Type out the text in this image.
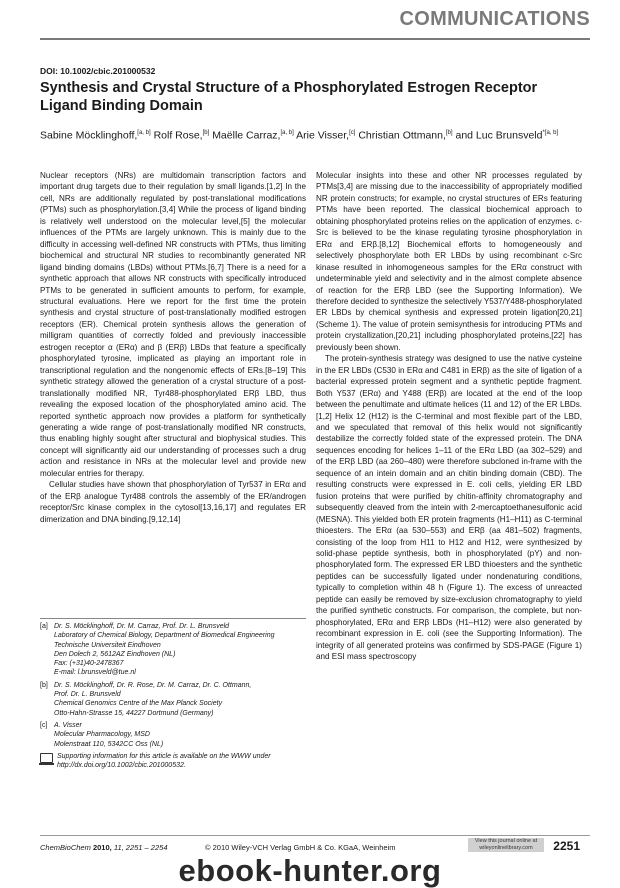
COMMUNICATIONS
DOI: 10.1002/cbic.201000532
Synthesis and Crystal Structure of a Phosphorylated Estrogen Receptor Ligand Binding Domain
Sabine Möcklinghoff,[a, b] Rolf Rose,[b] Maëlle Carraz,[a, b] Arie Visser,[c] Christian Ottmann,[b] and Luc Brunsveld$^{*[a, b]}$

Nuclear receptors (NRs) are multidomain transcription factors and important drug targets due to their regulation by small ligands.[1,2] In the cell, NRs are additionally regulated by post-translational modifications (PTMs) such as phosphorylation.[3,4] While the process of ligand binding is relatively well understood on the molecular level,[5] the molecular influences of the PTMs are largely unknown. This is mainly due to the difficulty in accessing well-defined NR constructs with PTMs, thus limiting biochemical and structural NR studies to recombinantly generated NR ligand binding domains (LBDs) without PTMs.[6,7] There is a need for a synthetic approach that allows NR constructs with specifically introduced PTMs to be generated in sufficient amounts to perform, for example, structural evaluations. Here we report for the first time the protein synthesis and crystal structure of post-translationally modified estrogen receptors (ER). Chemical protein synthesis allows the generation of milligram quantities of correctly folded and previously inaccessible estrogen receptor α (ERα) and β (ERβ) LBDs that feature a specifically phosphorylated tyrosine, implicated as playing an important role in transcriptional regulation and the nongenomic effects of ERs.[8–19] This synthetic strategy allowed the generation of a crystal structure of a post-translationally modified NR, Tyr488-phosphorylated ERβ LBD, thus revealing the exposed location of the phosphorylated amino acid. The reported synthetic approach now provides a platform for synthetically generating a wide range of post-translationally modified NR constructs, thus enabling highly sought after structural and biophysical studies. This concept will significantly aid our understanding of processes such a drug action and resistance in NRs at the molecular level and provide new molecular entries for therapy.

Cellular studies have shown that phosphorylation of Tyr537 in ERα and of the ERβ analogue Tyr488 controls the assembly of the ER/androgen receptor/Src kinase complex in the cytosol[13,16,17] and regulates ER dimerization and DNA binding.[9,12,14]

Molecular insights into these and other NR processes regulated by PTMs[3,4] are missing due to the inaccessibility of appropriately modified NR protein constructs; for example, no crystal structures of ERs featuring PTMs have been reported. The classical biochemical approach to obtaining phosphorylated proteins relies on the application of enzymes. c-Src is believed to be the kinase regulating tyrosine phosphorylation in ERα and ERβ.[8,12] Biochemical efforts to homogeneously and selectively phosphorylate both ER LBDs by using recombinant c-Src kinase resulted in inhomogeneous samples for the ERα construct with undeterminable yield and selectivity and in the almost complete absence of reaction for the ERβ LBD (see the Supporting Information). We therefore decided to synthesize the selectively Y537/Y488-phosphorylated ER LBDs by chemical synthesis and expressed protein ligation[20,21] (Scheme 1). The value of protein semisynthesis for introducing PTMs and protein crystallization,[20,21] including phosphorylated proteins,[22] has previously been shown.

The protein-synthesis strategy was designed to use the native cysteine in the ER LBDs (C530 in ERα and C481 in ERβ) as the site of ligation of a bacterial expressed protein segment and a synthetic peptide fragment. Both Y537 (ERα) and Y488 (ERβ) are located at the end of the loop between the penultimate and ultimate helices (11 and 12) of the ER LBDs.[1,2] Helix 12 (H12) is the C-terminal and most flexible part of the LBD, and we speculated that removal of this helix would not significantly destabilize the correctly folded state of the expressed protein. The DNA sequences encoding for helices 1–11 of the ERα LBD (aa 302–529) and of the ERβ LBD (aa 260–480) were therefore subcloned in-frame with the sequence of an intein domain and an chitin binding domain (CBD). The resulting constructs were expressed in E. coli cells, yielding ER LBD fusion proteins that were purified by chitin-affinity chromatography and subsequently cleaved from the intein with 2-mercaptoethanesulfonic acid (MESNA). This yielded both ER protein fragments (H1–H11) as C-terminal thioesters. The ERα (aa 530–553) and ERβ (aa 481–502) fragments, consisting of the loop from H11 to H12 and H12, were synthesized by solid-phase peptide synthesis, both in phosphorylated (pY) and non-phosphorylated form. The expressed ER LBD thioesters and the synthetic peptides can be successfully ligated under nondenaturing conditions, typically to completion within 48 h (Figure 1). The excess of unreacted peptide can easily be removed by size-exclusion chromatography to yield the purified synthetic constructs. For comparison, the complete, but non-phosphorylated, ERα and ERβ LBDs (H1–H12) were also generated by recombinant expression in E. coli (see the Supporting Information). The integrity of all generated proteins was confirmed by SDS-PAGE (Figure 1) and ESI mass spectroscopy

[a] Dr. S. Möcklinghoff, Dr. M. Carraz, Prof. Dr. L. Brunsveld
Laboratory of Chemical Biology, Department of Biomedical Engineering
Technische Universiteit Eindhoven
Den Dolech 2, 5612AZ Eindhoven (NL)
Fax: (+31)40-2478367
E-mail: l.brunsveld@tue.nl
[b] Dr. S. Möcklinghoff, Dr. R. Rose, Dr. M. Carraz, Dr. C. Ottmann,
Prof. Dr. L. Brunsveld
Chemical Genomics Centre of the Max Planck Society
Otto-Hahn-Strasse 15, 44227 Dortmund (Germany)
[c] A. Visser
Molecular Pharmacology, MSD
Molenstraat 110, 5342CC Oss (NL)
Supporting information for this article is available on the WWW under http://dx.doi.org/10.1002/cbic.201000532.
ChemBioChem 2010, 11, 2251 – 2254	© 2010 Wiley-VCH Verlag GmbH & Co. KGaA, Weinheim
View this journal online at
wileyonlinelibrary.com	2251
ebook-hunter.org
